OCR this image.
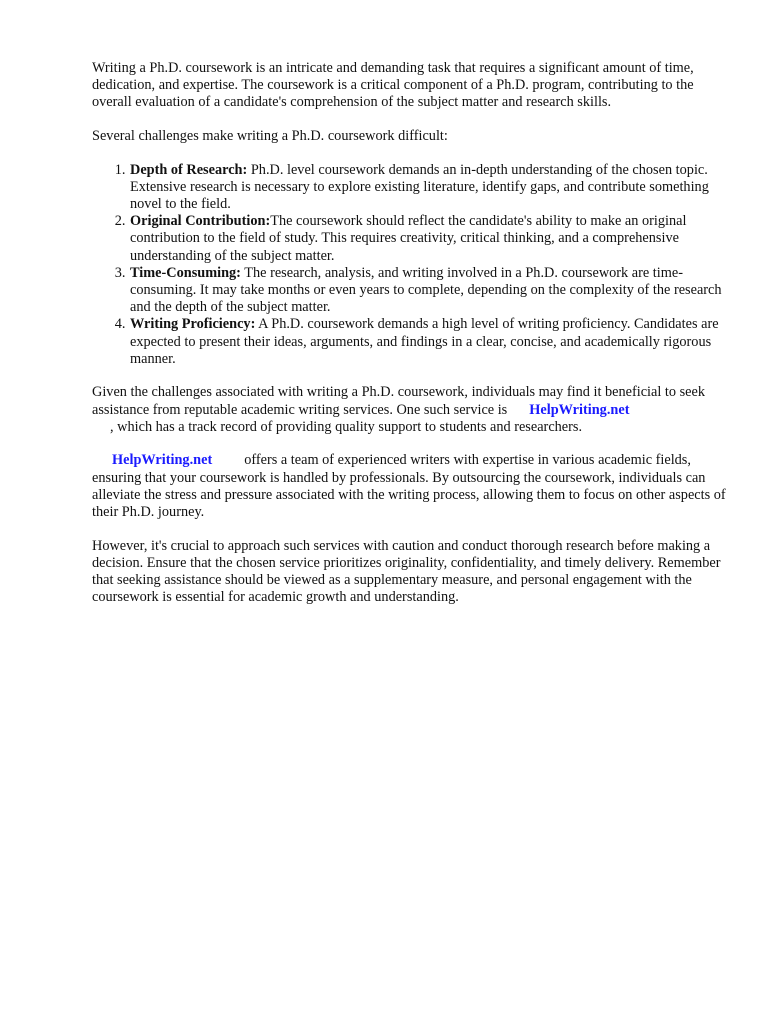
Writing a Ph.D. coursework is an intricate and demanding task that requires a significant amount of time, dedication, and expertise. The coursework is a critical component of a Ph.D. program, contributing to the overall evaluation of a candidate's comprehension of the subject matter and research skills.

Several challenges make writing a Ph.D. coursework difficult:

1. Depth of Research: Ph.D. level coursework demands an in-depth understanding of the chosen topic. Extensive research is necessary to explore existing literature, identify gaps, and contribute something novel to the field.
2. Original Contribution:The coursework should reflect the candidate's ability to make an original contribution to the field of study. This requires creativity, critical thinking, and a comprehensive understanding of the subject matter.
3. Time-Consuming: The research, analysis, and writing involved in a Ph.D. coursework are time-consuming. It may take months or even years to complete, depending on the complexity of the research and the depth of the subject matter.
4. Writing Proficiency: A Ph.D. coursework demands a high level of writing proficiency. Candidates are expected to present their ideas, arguments, and findings in a clear, concise, and academically rigorous manner.

Given the challenges associated with writing a Ph.D. coursework, individuals may find it beneficial to seek assistance from reputable academic writing services. One such service is HelpWriting.net
, which has a track record of providing quality support to students and researchers.

HelpWriting.net offers a team of experienced writers with expertise in various academic fields, ensuring that your coursework is handled by professionals. By outsourcing the coursework, individuals can alleviate the stress and pressure associated with the writing process, allowing them to focus on other aspects of their Ph.D. journey.

However, it's crucial to approach such services with caution and conduct thorough research before making a decision. Ensure that the chosen service prioritizes originality, confidentiality, and timely delivery. Remember that seeking assistance should be viewed as a supplementary measure, and personal engagement with the coursework is essential for academic growth and understanding.
